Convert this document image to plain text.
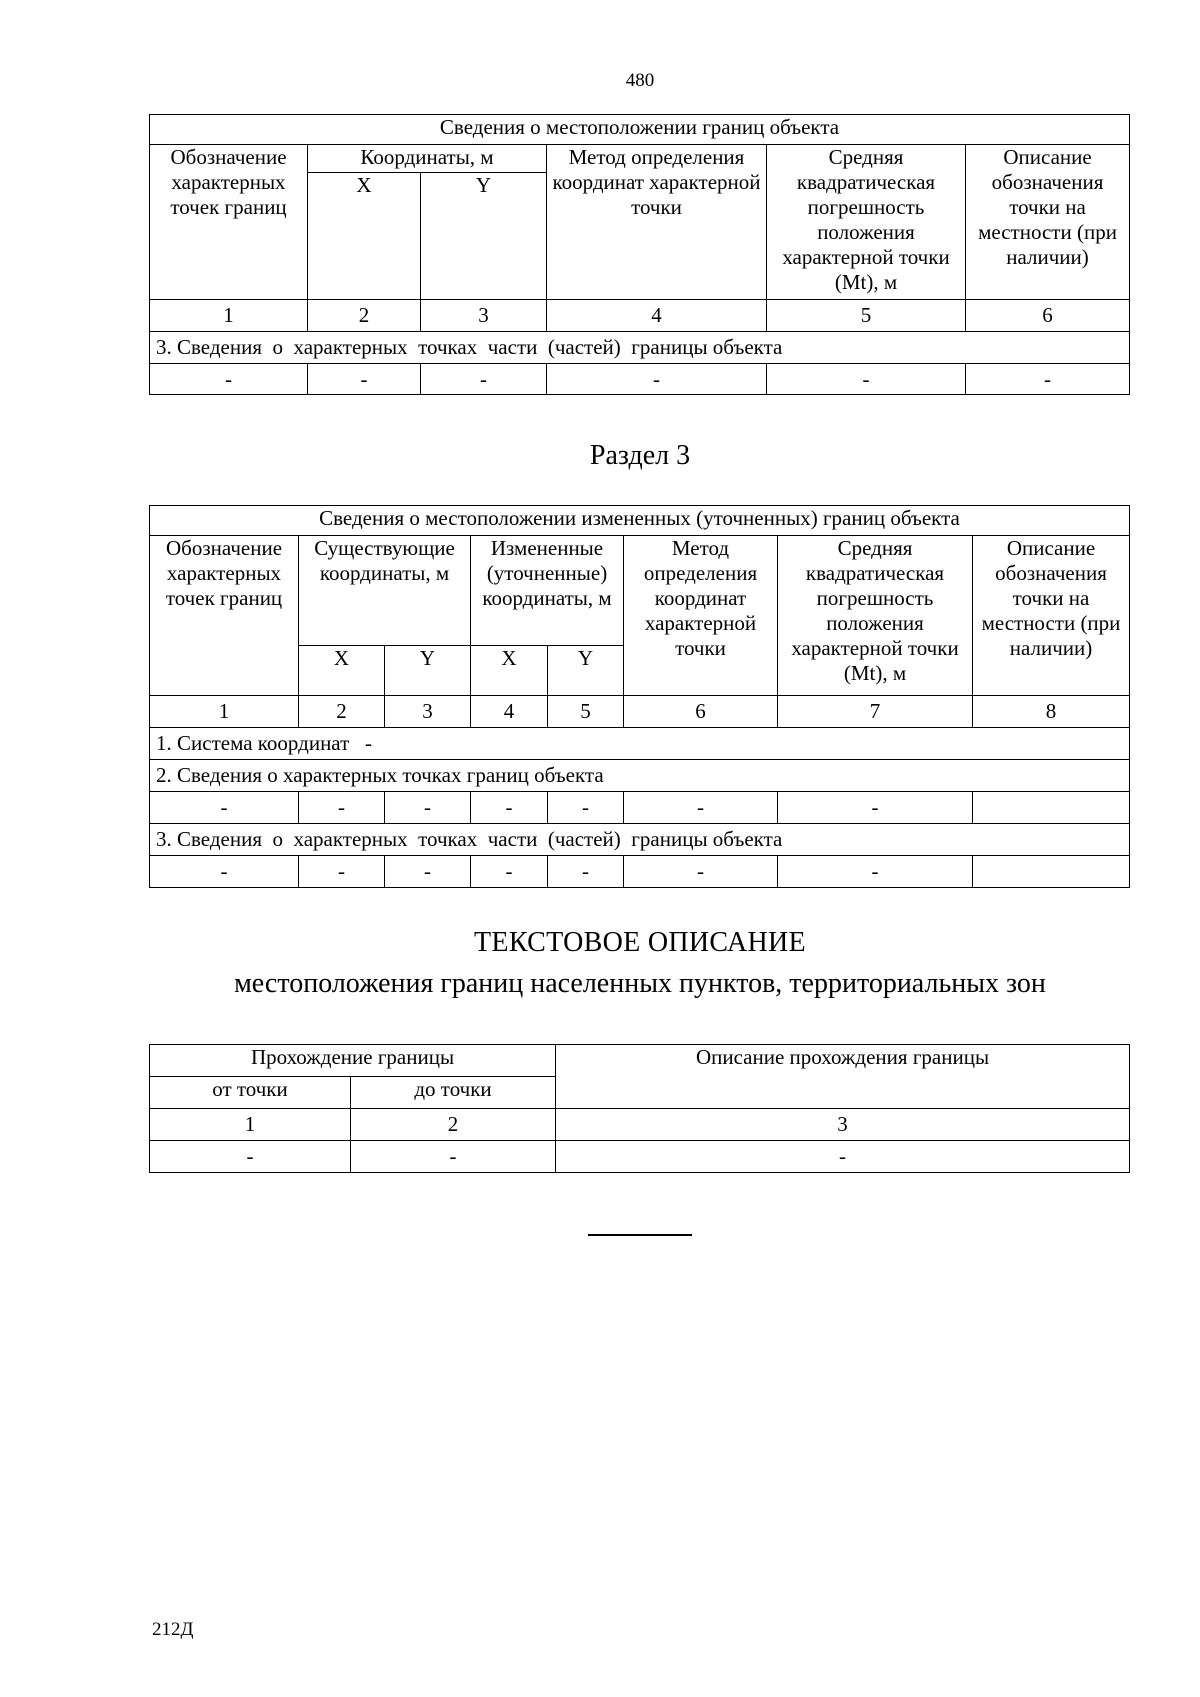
480
Сведения о местоположении границ объекта					
Обозначение характерных точек границ	Координаты, м		Метод определения координат характерной точки	Средняя квадратическая погрешность положения характерной точки (Mt), м	Описание обозначения точки на местности (при наличии)
	X	Y			
1	2	3	4	5	6
3. Сведения  о  характерных  точках  части  (частей)  границы объекта					
-	-	-	-	-	-
Раздел 3
Сведения о местоположении измененных (уточненных) границ объекта							
Обозначение характерных точек границ	Существующие координаты, м		Измененные (уточненные) координаты, м		Метод определения координат характерной точки	Средняя квадратическая погрешность положения характерной точки (Mt), м	Описание обозначения точки на местности (при наличии)
	X	Y	X	Y			
1	2	3	4	5	6	7	8
1. Система координат   -							
2. Сведения о характерных точках границ объекта							
-	-	-	-	-	-	-	
3. Сведения  о  характерных  точках  части  (частей)  границы объекта							
-	-	-	-	-	-	-	
ТЕКСТОВОЕ ОПИСАНИЕ
местоположения границ населенных пунктов, территориальных зон
Прохождение границы		Описание прохождения границы
от точки	до точки	
1	2	3
-	-	-
212Д
